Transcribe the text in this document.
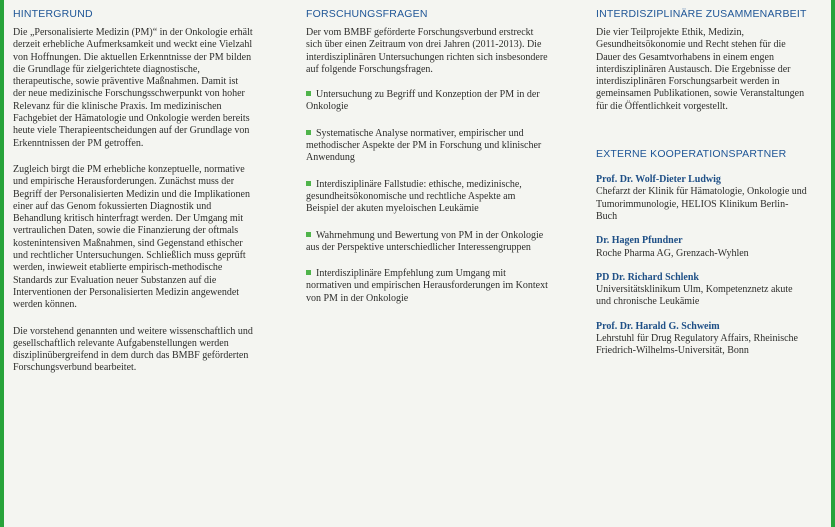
HINTERGRUND

Die „Personalisierte Medizin (PM)“ in der Onkologie erhält derzeit erhebliche Aufmerksamkeit und weckt eine Vielzahl von Hoffnungen. Die aktuellen Erkenntnisse der PM bilden die Grundlage für zielgerichtete diagnostische, therapeutische, sowie präventive Maßnahmen. Damit ist der neue medizinische Forschungsschwerpunkt von hoher Relevanz für die klinische Praxis. Im medizinischen Fachgebiet der Hämatologie und Onkologie werden bereits heute viele Therapieentscheidungen auf der Grundlage von Erkenntnissen der PM getroffen.

Zugleich birgt die PM erhebliche konzeptuelle, normative und empirische Herausforderungen. Zunächst muss der Begriff der Personalisierten Medizin und die Implikationen einer auf das Genom fokussierten Diagnostik und Behandlung kritisch hinterfragt werden. Der Umgang mit vertraulichen Daten, sowie die Finanzierung der oftmals kostenintensiven Maßnahmen, sind Gegenstand ethischer und rechtlicher Untersuchungen. Schließlich muss geprüft werden, inwieweit etablierte empirisch-methodische Standards zur Evaluation neuer Substanzen auf die Interventionen der Personalisierten Medizin angewendet werden können.

Die vorstehend genannten und weitere wissenschaftlich und gesellschaftlich relevante Aufgabenstellungen werden disziplinübergreifend in dem durch das BMBF geförderten Forschungsverbund bearbeitet.

FORSCHUNGSFRAGEN

Der vom BMBF geförderte Forschungsverbund erstreckt sich über einen Zeitraum von drei Jahren (2011-2013). Die interdisziplinären Untersuchungen richten sich insbesondere auf folgende Forschungsfragen.

Untersuchung zu Begriff und Konzeption der PM in der Onkologie
Systematische Analyse normativer, empirischer und methodischer Aspekte der PM in Forschung und klinischer Anwendung
Interdisziplinäre Fallstudie: ethische, medizinische, gesundheitsökonomische und rechtliche Aspekte am Beispiel der akuten myeloischen Leukämie
Wahrnehmung und Bewertung von PM in der Onkologie aus der Perspektive unterschiedlicher Interessengruppen
Interdisziplinäre Empfehlung zum Umgang mit normativen und empirischen Herausforderungen im Kontext von PM in der Onkologie
INTERDISZIPLINÄRE ZUSAMMENARBEIT

Die vier Teilprojekte Ethik, Medizin, Gesundheitsökonomie und Recht stehen für die Dauer des Gesamtvorhabens in einem engen interdisziplinären Austausch. Die Ergebnisse der interdisziplinären Forschungsarbeit werden in gemeinsamen Publikationen, sowie Veranstaltungen für die Öffentlichkeit vorgestellt.

EXTERNE KOOPERATIONSPARTNER
Prof. Dr. Wolf-Dieter Ludwig
Chefarzt der Klinik für Hämatologie, Onkologie und Tumorimmunologie, HELIOS Klinikum Berlin-Buch
Dr. Hagen Pfundner
Roche Pharma AG, Grenzach-Wyhlen
PD Dr. Richard Schlenk
Universitätsklinikum Ulm, Kompetenznetz akute und chronische Leukämie
Prof. Dr. Harald G. Schweim
Lehrstuhl für Drug Regulatory Affairs, Rheinische Friedrich-Wilhelms-Universität, Bonn
